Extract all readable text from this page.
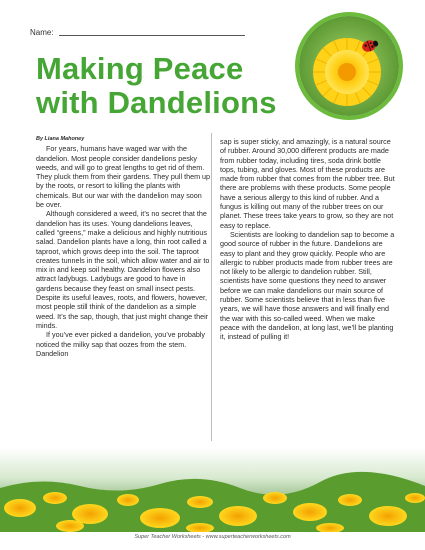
Name:
Making Peace
with Dandelions

By Liana Mahoney

For years, humans have waged war with the dandelion. Most people consider dandelions pesky weeds, and will go to great lengths to get rid of them. They pluck them from their gardens. They pull them up by the roots, or resort to killing the plants with chemicals. But our war with the dandelion may soon be over.

Although considered a weed, it’s no secret that the dandelion has its uses. Young dandelions leaves, called “greens,” make a delicious and highly nutritious salad. Dandelion plants have a long, thin root called a taproot, which grows deep into the soil. The taproot creates tunnels in the soil, which allow water and air to mix in and keep soil healthy. Dandelion flowers also attract ladybugs. Ladybugs are good to have in gardens because they feast on small insect pests. Despite its useful leaves, roots, and flowers, however, most people still think of the dandelion as a simple weed. It’s the sap, though, that just might change their minds.

If you’ve ever picked a dandelion, you’ve probably noticed the milky sap that oozes from the stem. Dandelion

sap is super sticky, and amazingly, is a natural source of rubber. Around 30,000 different products are made from rubber today, including tires, soda drink bottle tops, tubing, and gloves. Most of these products are made from rubber that comes from the rubber tree. But there are problems with these products. Some people have a serious allergy to this kind of rubber. And a fungus is killing out many of the rubber trees on our planet. These trees take years to grow, so they are not easy to replace.

Scientists are looking to dandelion sap to become a good source of rubber in the future. Dandelions are easy to plant and they grow quickly. People who are allergic to rubber products made from rubber trees are not likely to be allergic to dandelion rubber. Still, scientists have some questions they need to answer before we can make dandelions our main source of rubber. Some scientists believe that in less than five years, we will have those answers and will finally end the war with this so-called weed. When we make peace with the dandelion, at long last, we’ll be planting it, instead of pulling it!

Super Teacher Worksheets - www.superteacherworksheets.com
